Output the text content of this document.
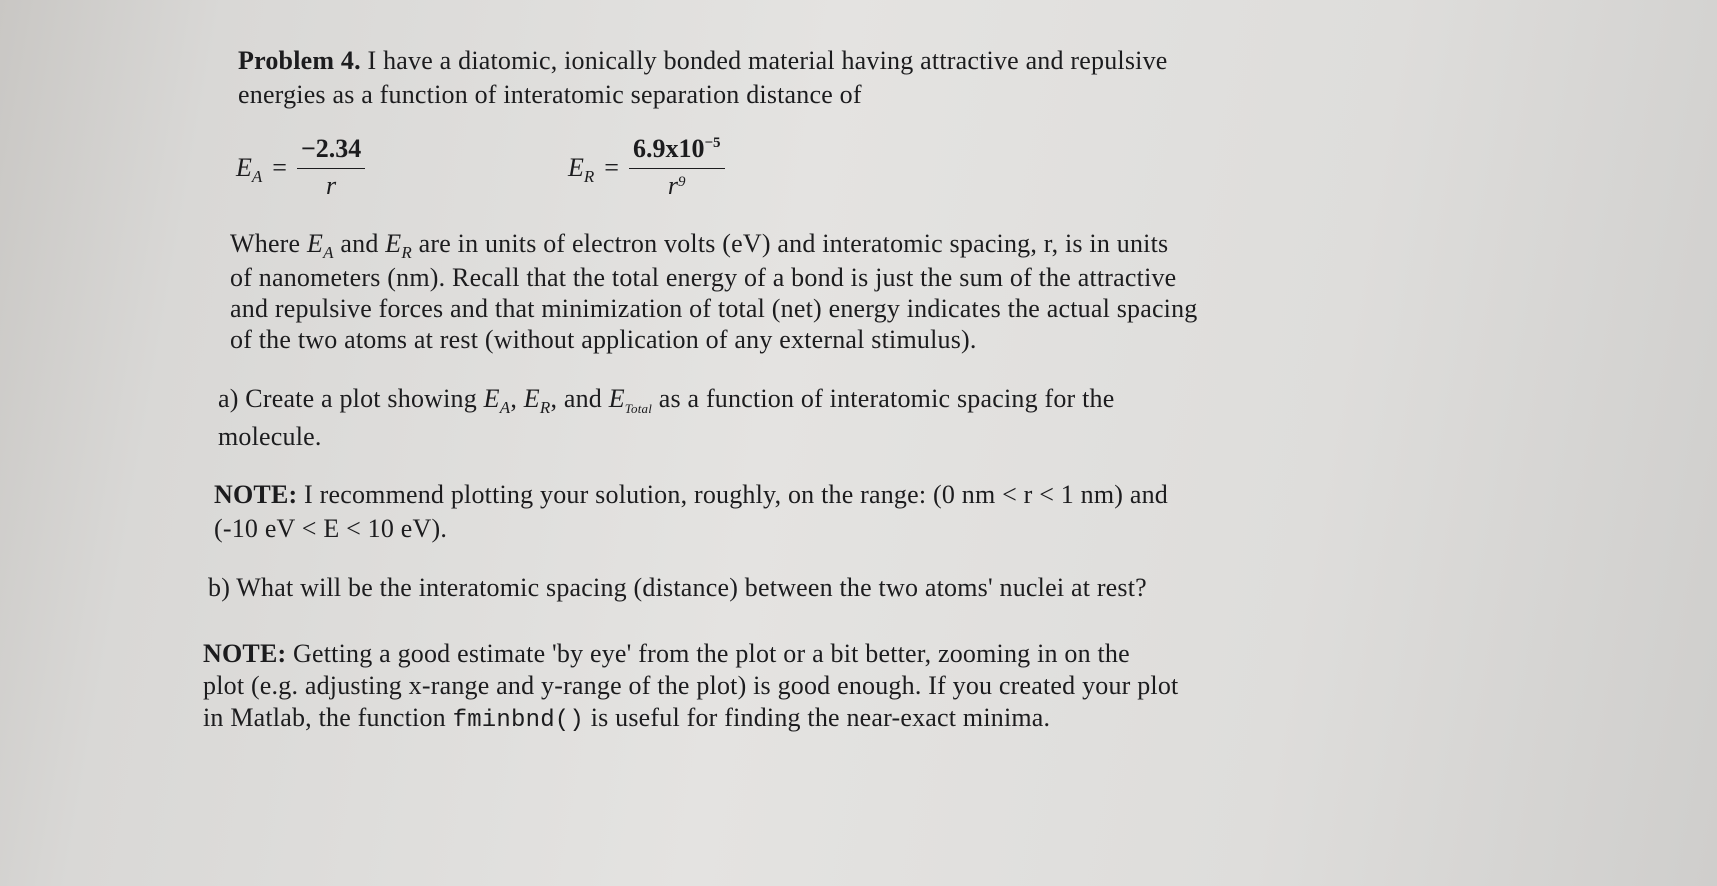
Problem 4. I have a diatomic, ionically bonded material having attractive and repulsive
energies as a function of interatomic separation distance of
$E_A = \frac{-2.34}{r}$	$E_R = \frac{6.9x10^{-5}}{r^9}$
Where $E_A$ and $E_R$ are in units of electron volts (eV) and interatomic spacing, r, is in units
of nanometers (nm). Recall that the total energy of a bond is just the sum of the attractive
and repulsive forces and that minimization of total (net) energy indicates the actual spacing
of the two atoms at rest (without application of any external stimulus).
a) Create a plot showing $E_A$, $E_R$, and $E_{Total}$ as a function of interatomic spacing for the
molecule.
NOTE: I recommend plotting your solution, roughly, on the range: (0 nm < r < 1 nm) and
(-10 eV < E < 10 eV).
b) What will be the interatomic spacing (distance) between the two atoms' nuclei at rest?
NOTE: Getting a good estimate 'by eye' from the plot or a bit better, zooming in on the
plot (e.g. adjusting x-range and y-range of the plot) is good enough. If you created your plot
in Matlab, the function fminbnd() is useful for finding the near-exact minima.
